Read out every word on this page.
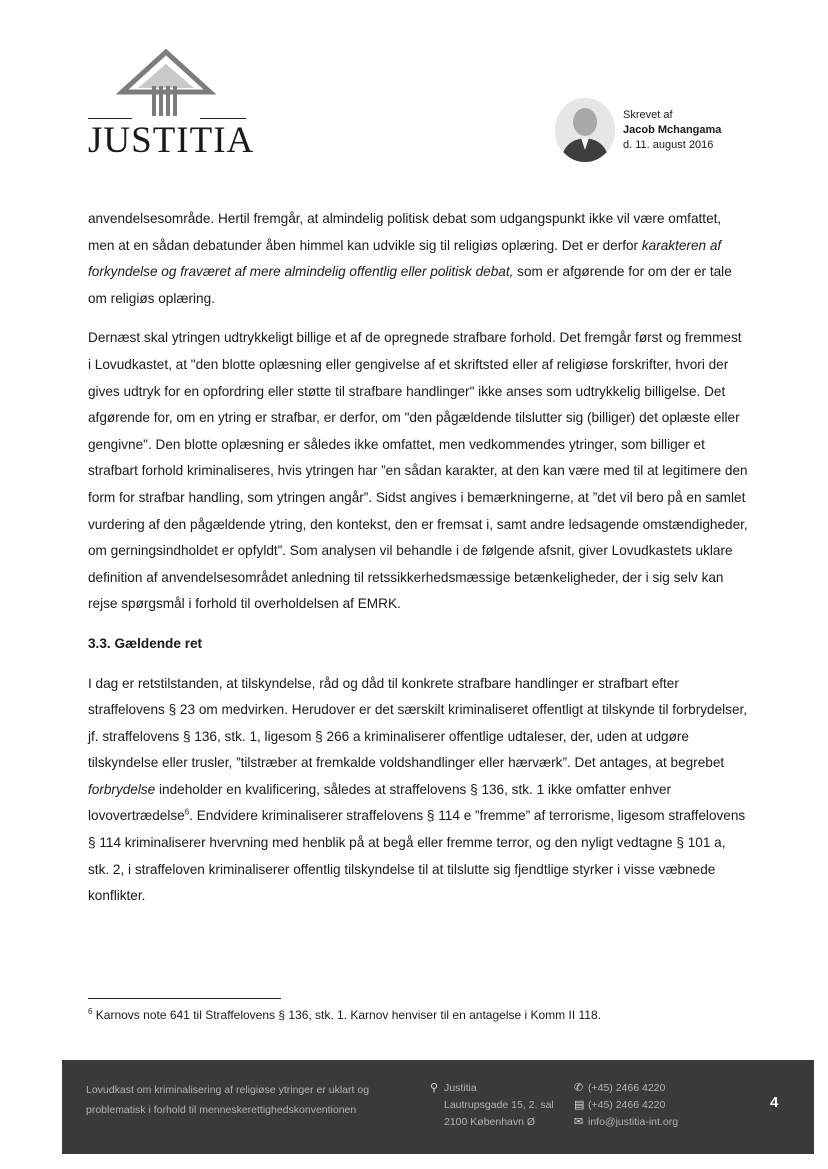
JUSTITIA
Skrevet af
Jacob Mchangama
d. 11. august 2016

anvendelsesområde. Hertil fremgår, at almindelig politisk debat som udgangspunkt ikke vil være omfattet, men at en sådan debatunder åben himmel kan udvikle sig til religiøs oplæring. Det er derfor karakteren af forkyndelse og fraværet af mere almindelig offentlig eller politisk debat, som er afgørende for om der er tale om religiøs oplæring.

Dernæst skal ytringen udtrykkeligt billige et af de opregnede strafbare forhold. Det fremgår først og fremmest i Lovudkastet, at "den blotte oplæsning eller gengivelse af et skriftsted eller af religiøse forskrifter, hvori der gives udtryk for en opfordring eller støtte til strafbare handlinger" ikke anses som udtrykkelig billigelse. Det afgørende for, om en ytring er strafbar, er derfor, om "den pågældende tilslutter sig (billiger) det oplæste eller gengivne". Den blotte oplæsning er således ikke omfattet, men vedkommendes ytringer, som billiger et strafbart forhold kriminaliseres, hvis ytringen har ”en sådan karakter, at den kan være med til at legitimere den form for strafbar handling, som ytringen angår”. Sidst angives i bemærkningerne, at ”det vil bero på en samlet vurdering af den pågældende ytring, den kontekst, den er fremsat i, samt andre ledsagende omstændigheder, om gerningsindholdet er opfyldt”. Som analysen vil behandle i de følgende afsnit, giver Lovudkastets uklare definition af anvendelsesområdet anledning til retssikkerhedsmæssige betænkeligheder, der i sig selv kan rejse spørgsmål i forhold til overholdelsen af EMRK.

3.3. Gældende ret

I dag er retstilstanden, at tilskyndelse, råd og dåd til konkrete strafbare handlinger er strafbart efter straffelovens § 23 om medvirken. Herudover er det særskilt kriminaliseret offentligt at tilskynde til forbrydelser, jf. straffelovens § 136, stk. 1, ligesom § 266 a kriminaliserer offentlige udtaleser, der, uden at udgøre tilskyndelse eller trusler, ”tilstræber at fremkalde voldshandlinger eller hærværk”. Det antages, at begrebet forbrydelse indeholder en kvalificering, således at straffelovens § 136, stk. 1 ikke omfatter enhver lovovertrædelse$^6$. Endvidere kriminaliserer straffelovens § 114 e ”fremme” af terrorisme, ligesom straffelovens § 114 kriminaliserer hvervning med henblik på at begå eller fremme terror, og den nyligt vedtagne § 101 a, stk. 2, i straffeloven kriminaliserer offentlig tilskyndelse til at tilslutte sig fjendtlige styrker i visse væbnede konflikter.

$^6$ Karnovs note 641 til Straffelovens § 136, stk. 1. Karnov henviser til en antagelse i Komm II 118.
Lovudkast om kriminalisering af religiøse ytringer er uklart og
problematisk i forhold til menneskerettighedskonventionen
⚲ Justitia
Lautrupsgade 15, 2. sal
2100 København Ø
✆ (+45) 2466 4220
▤ (+45) 2466 4220
✉ info@justitia-int.org
4
